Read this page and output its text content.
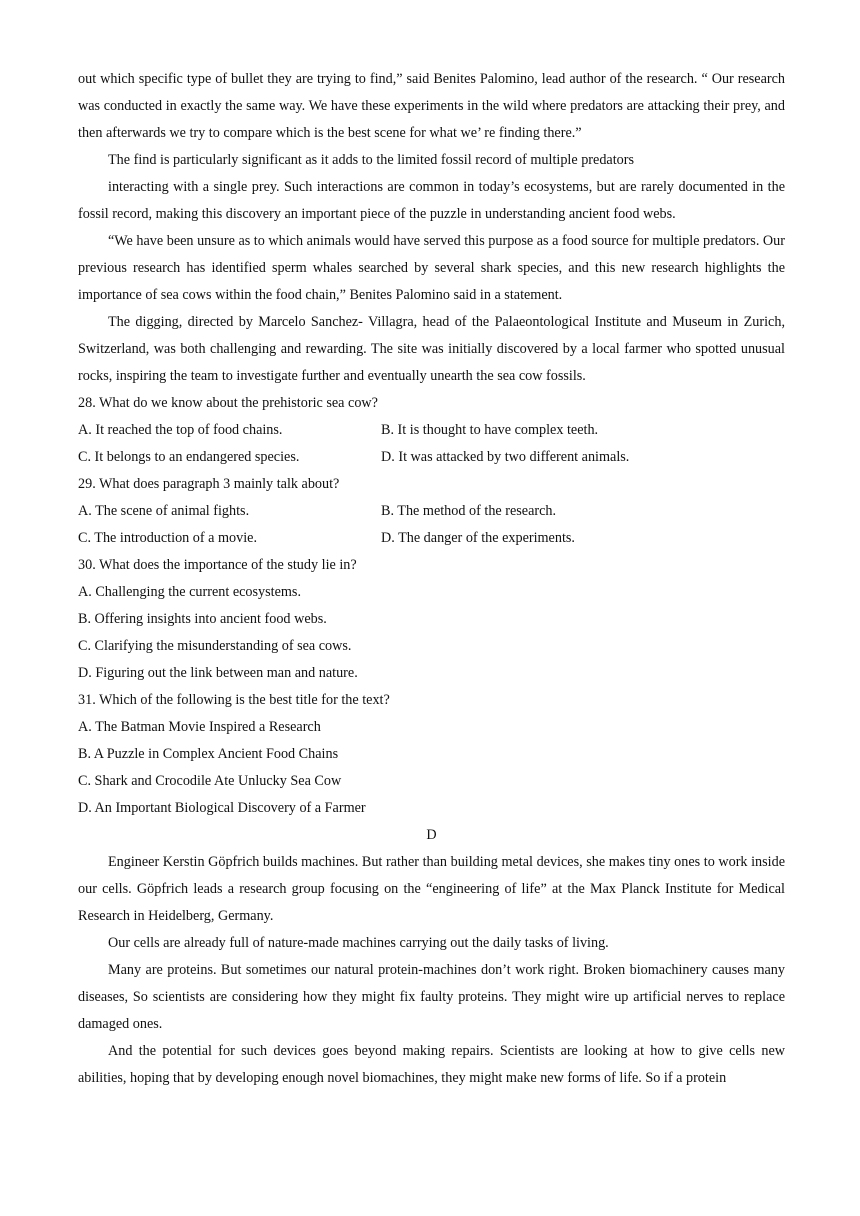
out which specific type of bullet they are trying to find,” said Benites Palomino, lead author of the research. “ Our research was conducted in exactly the same way. We have these experiments in the wild where predators are attacking their prey, and then afterwards we try to compare which is the best scene for what we’ re finding there.”

The find is particularly significant as it adds to the limited fossil record of multiple predators

interacting with a single prey. Such interactions are common in today’s ecosystems, but are rarely documented in the fossil record, making this discovery an important piece of the puzzle in understanding ancient food webs.

“We have been unsure as to which animals would have served this purpose as a food source for multiple predators. Our previous research has identified sperm whales searched by several shark species, and this new research highlights the importance of sea cows within the food chain,” Benites Palomino said in a statement.

The digging, directed by Marcelo Sanchez- Villagra, head of the Palaeontological Institute and Museum in Zurich, Switzerland, was both challenging and rewarding. The site was initially discovered by a local farmer who spotted unusual rocks, inspiring the team to investigate further and eventually unearth the sea cow fossils.

28. What do we know about the prehistoric sea cow?

A. It reached the top of food chains.	B. It is thought to have complex teeth.
C. It belongs to an endangered species.	D. It was attacked by two different animals.

29. What does paragraph 3 mainly talk about?

A. The scene of animal fights.	B. The method of the research.
C. The introduction of a movie.	D. The danger of the experiments.

30. What does the importance of the study lie in?

A. Challenging the current ecosystems.

B. Offering insights into ancient food webs.

C. Clarifying the misunderstanding of sea cows.

D. Figuring out the link between man and nature.

31. Which of the following is the best title for the text?

A. The Batman Movie Inspired a Research

B. A Puzzle in Complex Ancient Food Chains

C. Shark and Crocodile Ate Unlucky Sea Cow

D. An Important Biological Discovery of a Farmer

D

Engineer Kerstin Göpfrich builds machines. But rather than building metal devices, she makes tiny ones to work inside our cells. Göpfrich leads a research group focusing on the “engineering of life” at the Max Planck Institute for Medical Research in Heidelberg, Germany.

Our cells are already full of nature-made machines carrying out the daily tasks of living.

Many are proteins. But sometimes our natural protein-machines don’t work right. Broken biomachinery causes many diseases, So scientists are considering how they might fix faulty proteins. They might wire up artificial nerves to replace damaged ones.

And the potential for such devices goes beyond making repairs. Scientists are looking at how to give cells new abilities, hoping that by developing enough novel biomachines, they might make new forms of life. So if a protein
